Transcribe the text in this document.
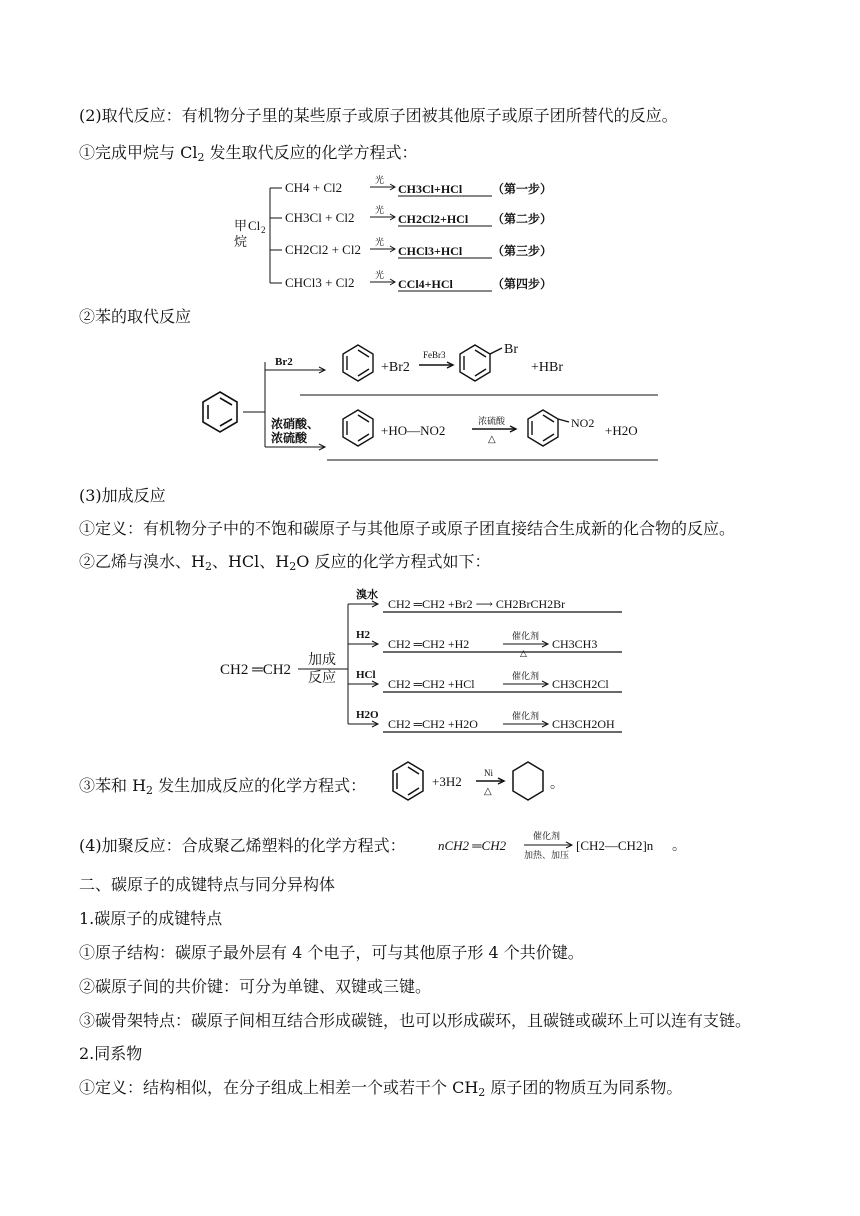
(2)取代反应：有机物分子里的某些原子或原子团被其他原子或原子团所替代的反应。
①完成甲烷与 $Cl_2$ 发生取代反应的化学方程式：
甲
烷
Cl 2
CH4 + Cl2	光
CH3Cl+HCl （第一步）
CH3Cl + Cl2 光
CH2Cl2+HCl （第二步）
CH2Cl2 + Cl2 光
CHCl3+HCl （第三步）
CHCl3 + Cl2 光
CCl4+HCl	（第四步）
②苯的取代反应
Br2
浓硝酸、
浓硫酸
+Br2
FeBr3	Br
+HBr
+HO—NO2
浓硫酸
△
NO2 +H2O
(3)加成反应
①定义：有机物分子中的不饱和碳原子与其他原子或原子团直接结合生成新的化合物的反应。
②乙烯与溴水、$H_2$、HCl、$H_2O$ 反应的化学方程式如下：
CH2 ═CH2
加成
反应
溴水
CH2 ═CH2 +Br2 ⟶ CH2BrCH2Br
H2
CH2 ═CH2 +H2
催化剂
△
CH3CH3
HCl
CH2 ═CH2 +HCl
催化剂
CH3CH2Cl
H2O
CH2 ═CH2 +H2O
催化剂
CH3CH2OH
③苯和 $H_2$ 发生加成反应的化学方程式：	+3H2
Ni
△	。
(4)加聚反应：合成聚乙烯塑料的化学方程式： nCH2 ═CH2
催化剂
加热、加压
[CH2—CH2]n 。
二、碳原子的成键特点与同分异构体
1.碳原子的成键特点
①原子结构：碳原子最外层有 4 个电子，可与其他原子形 4 个共价键。
②碳原子间的共价键：可分为单键、双键或三键。
③碳骨架特点：碳原子间相互结合形成碳链，也可以形成碳环，且碳链或碳环上可以连有支链。
2.同系物
①定义：结构相似，在分子组成上相差一个或若干个 $CH_2$ 原子团的物质互为同系物。
